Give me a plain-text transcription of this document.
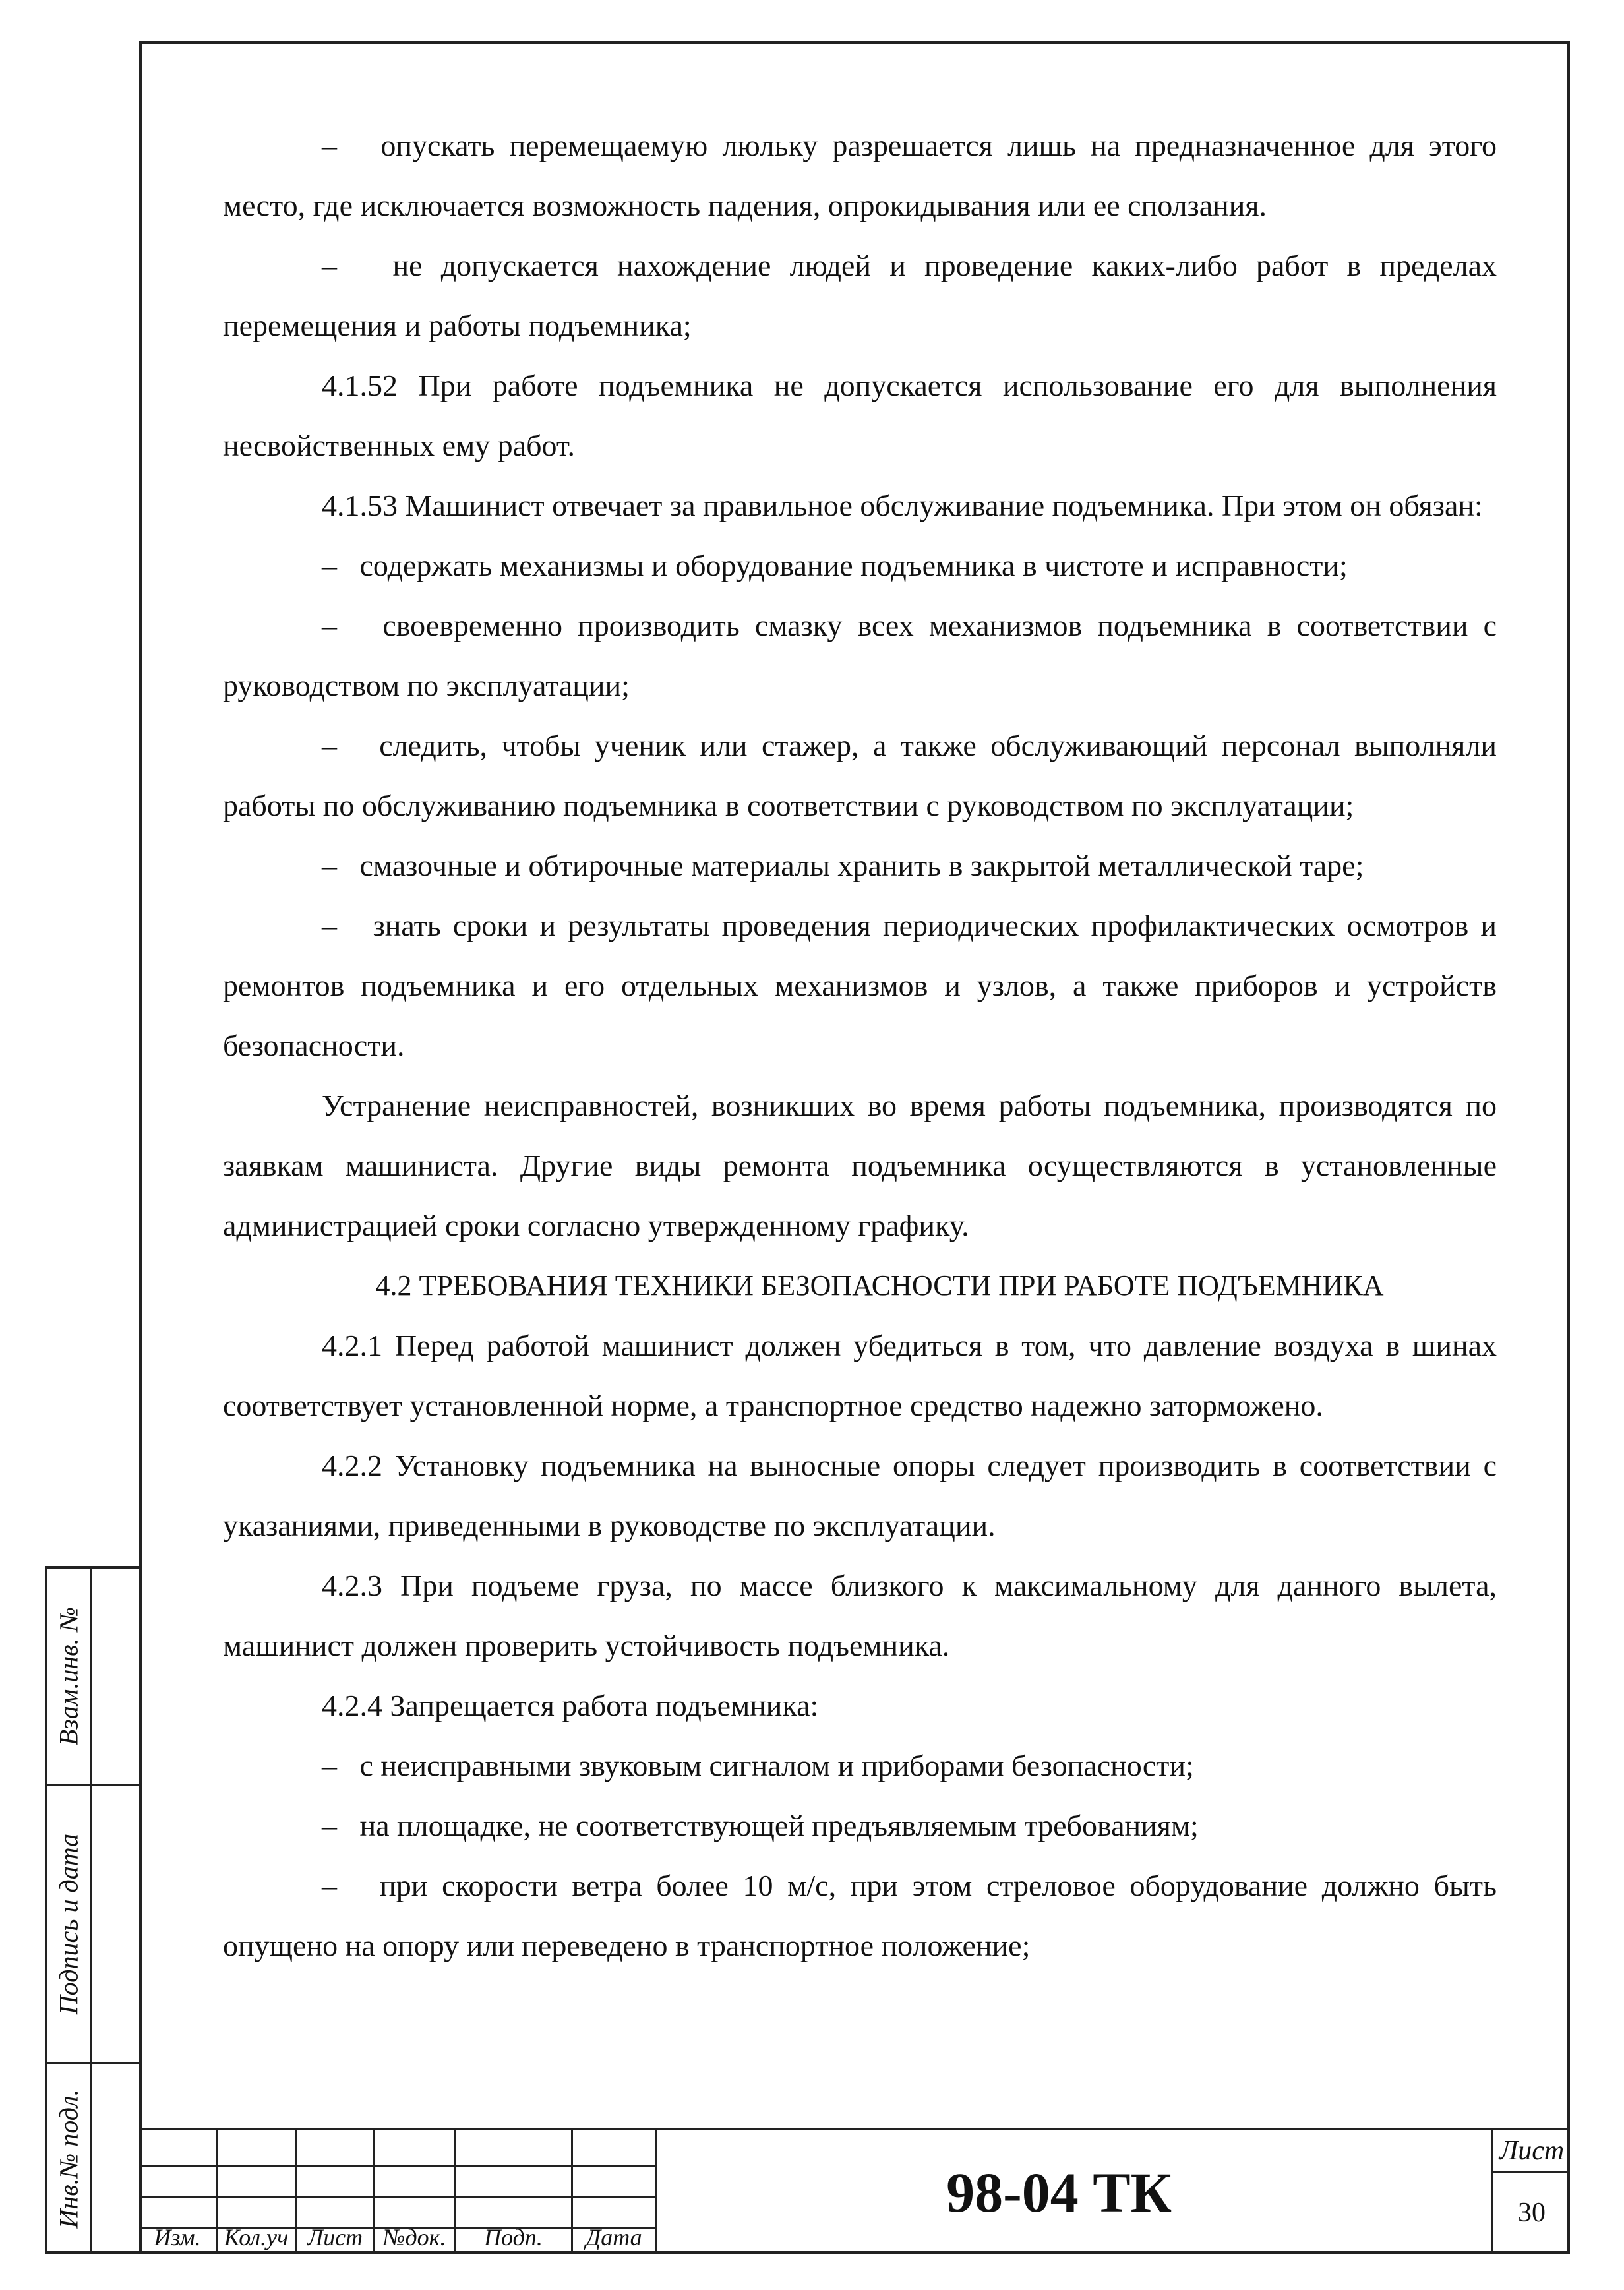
Взам.инв. №
Подпись и дата
Инв.№ подл.

–   опускать перемещаемую люльку разрешается лишь на предназначенное для этого место, где исключается возможность падения, опрокидывания или ее сползания.

–   не допускается нахождение людей и проведение каких-либо работ в пределах перемещения и работы подъемника;

4.1.52 При работе подъемника не допускается использование его для выполнения несвойственных ему работ.

4.1.53 Машинист отвечает за правильное обслуживание подъемника. При этом он обязан:

–   содержать механизмы и оборудование подъемника в чистоте и исправности;

–   своевременно производить смазку всех механизмов подъемника в соответствии с руководством по эксплуатации;

–   следить, чтобы ученик или стажер, а также обслуживающий персонал выполняли работы по обслуживанию подъемника в соответствии с руководством по эксплуатации;

–   смазочные и обтирочные материалы хранить в закрытой металлической таре;

–   знать сроки и результаты проведения периодических профилактических осмотров и ремонтов подъемника и его отдельных механизмов и узлов, а также приборов и устройств безопасности.

Устранение неисправностей, возникших во время работы подъемника, производятся по заявкам машиниста. Другие виды ремонта подъемника осуществляются в установленные администрацией сроки согласно утвержденному графику.

4.2 ТРЕБОВАНИЯ ТЕХНИКИ БЕЗОПАСНОСТИ ПРИ РАБОТЕ ПОДЪЕМНИКА

4.2.1 Перед работой машинист должен убедиться в том, что давление воздуха в шинах соответствует установленной норме, а транспортное средство надежно заторможено.

4.2.2 Установку подъемника на выносные опоры следует производить в соответствии с указаниями, приведенными в руководстве по эксплуатации.

4.2.3 При подъеме груза, по массе близкого к максимальному для данного вылета, машинист должен проверить устойчивость подъемника.

4.2.4 Запрещается работа подъемника:

–   с неисправными звуковым сигналом и приборами безопасности;

–   на площадке, не соответствующей предъявляемым требованиям;

–   при скорости ветра более 10 м/с, при этом стреловое оборудование должно быть опущено на опору или переведено в транспортное положение;

Изм. Кол.уч Лист №док.	Подп.	Дата
98-04 ТК
Лист
30
